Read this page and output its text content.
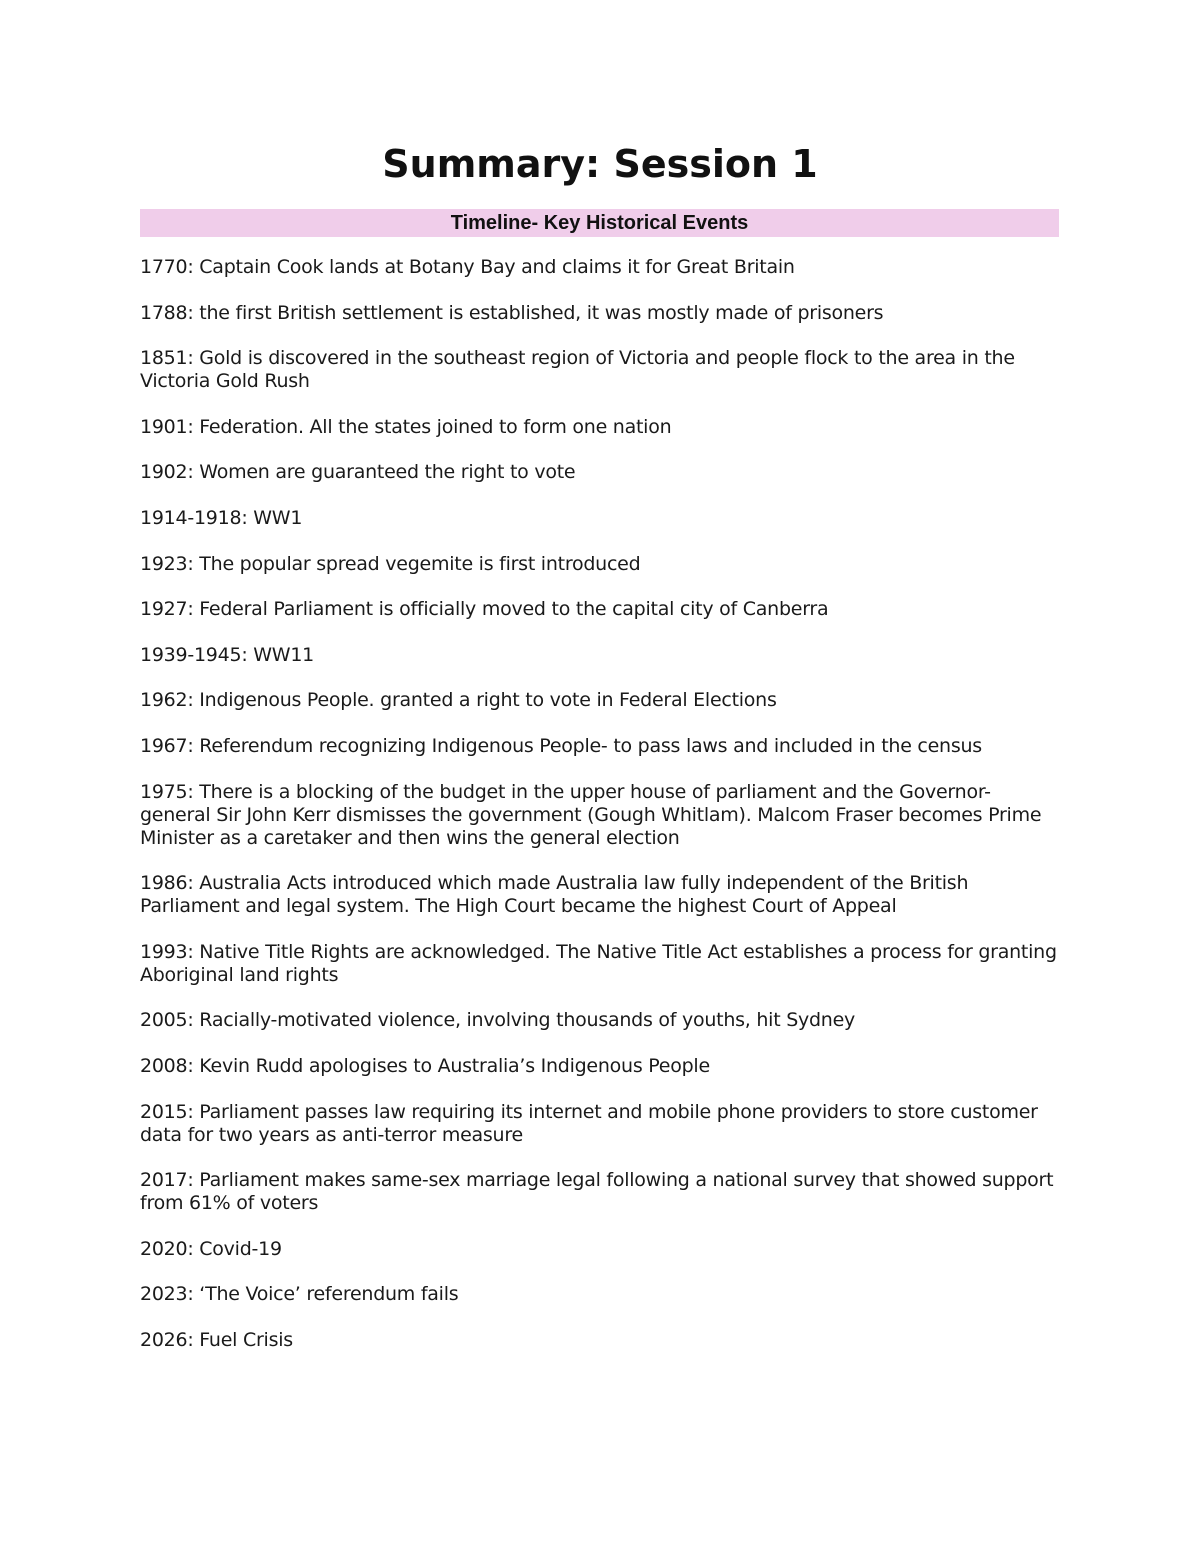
Summary: Session 1
Timeline- Key Historical Events
1770: Captain Cook lands at Botany Bay and claims it for Great Britain
1788: the first British settlement is established, it was mostly made of prisoners
1851: Gold is discovered in the southeast region of Victoria and people flock to the area in the Victoria Gold Rush
1901: Federation. All the states joined to form one nation
1902: Women are guaranteed the right to vote
1914-1918: WW1
1923: The popular spread vegemite is first introduced
1927: Federal Parliament is officially moved to the capital city of Canberra
1939-1945: WW11
1962: Indigenous People. granted a right to vote in Federal Elections
1967: Referendum recognizing Indigenous People- to pass laws and included in the census
1975: There is a blocking of the budget in the upper house of parliament and the Governor-general Sir John Kerr dismisses the government (Gough Whitlam). Malcom Fraser becomes Prime Minister as a caretaker and then wins the general election
1986: Australia Acts introduced which made Australia law fully independent of the British Parliament and legal system. The High Court became the highest Court of Appeal
1993: Native Title Rights are acknowledged. The Native Title Act establishes a process for granting Aboriginal land rights
2005: Racially-motivated violence, involving thousands of youths, hit Sydney
2008: Kevin Rudd apologises to Australia’s Indigenous People
2015: Parliament passes law requiring its internet and mobile phone providers to store customer data for two years as anti-terror measure
2017: Parliament makes same-sex marriage legal following a national survey that showed support from 61% of voters
2020: Covid-19
2023: ‘The Voice’ referendum fails
2026: Fuel Crisis
